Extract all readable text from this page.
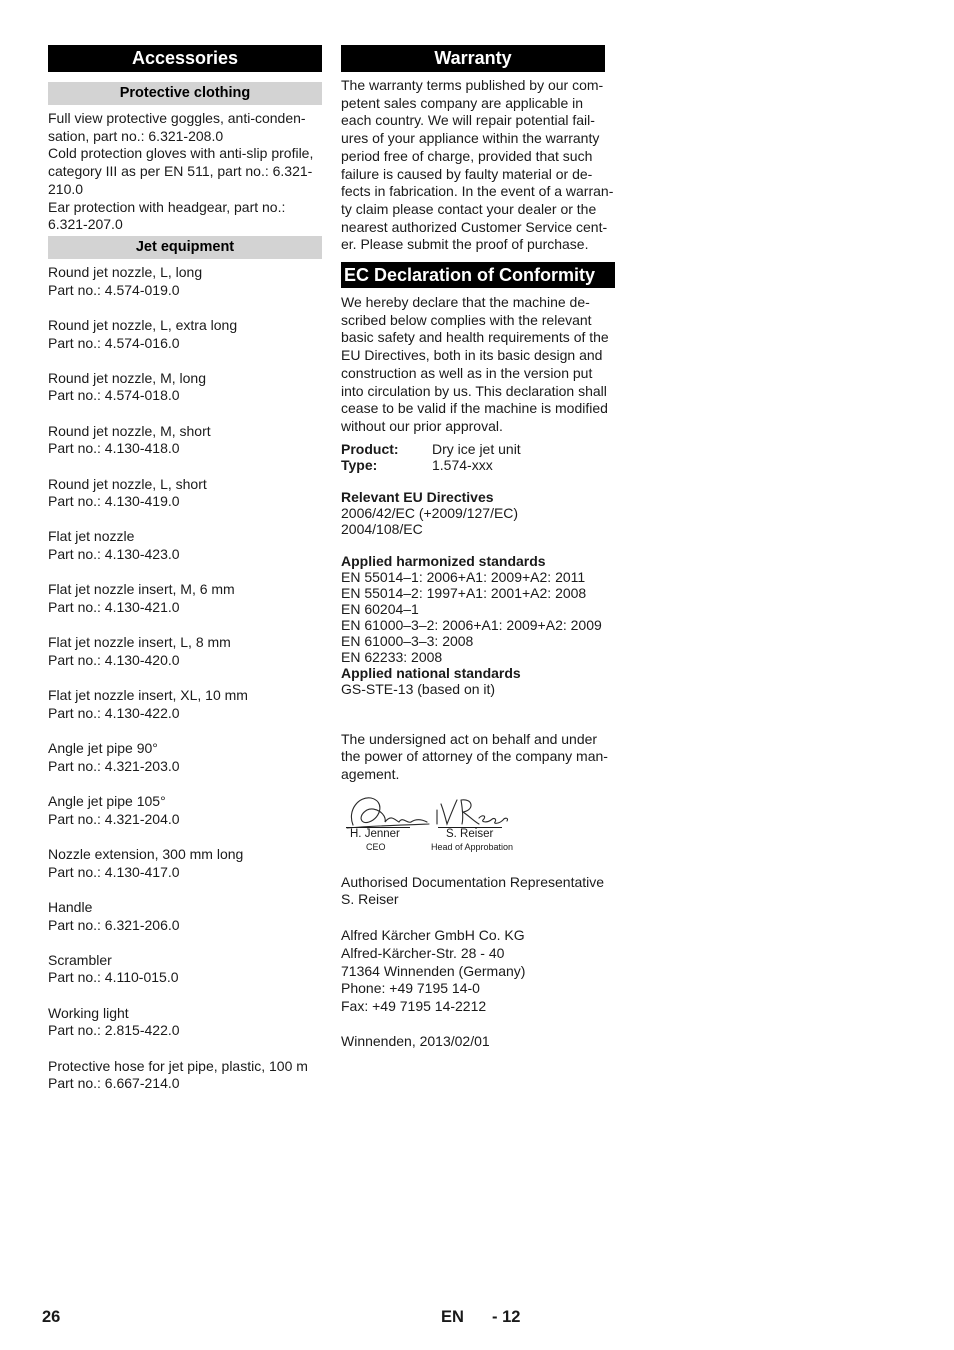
Accessories
Protective clothing
Full view protective goggles, anti-conden-
sation, part no.: 6.321-208.0
Cold protection gloves with anti-slip profile,
category III as per EN 511, part no.: 6.321-
210.0
Ear protection with headgear, part no.:
6.321-207.0
Jet equipment
Round jet nozzle, L, long
Part no.: 4.574-019.0
Round jet nozzle, L, extra long
Part no.: 4.574-016.0
Round jet nozzle, M, long
Part no.: 4.574-018.0
Round jet nozzle, M, short
Part no.: 4.130-418.0
Round jet nozzle, L, short
Part no.: 4.130-419.0
Flat jet nozzle
Part no.: 4.130-423.0
Flat jet nozzle insert, M, 6 mm
Part no.: 4.130-421.0
Flat jet nozzle insert, L, 8 mm
Part no.: 4.130-420.0
Flat jet nozzle insert, XL, 10 mm
Part no.: 4.130-422.0
Angle jet pipe 90°
Part no.: 4.321-203.0
Angle jet pipe 105°
Part no.: 4.321-204.0
Nozzle extension, 300 mm long
Part no.: 4.130-417.0
Handle
Part no.: 6.321-206.0
Scrambler
Part no.: 4.110-015.0
Working light
Part no.: 2.815-422.0
Protective hose for jet pipe, plastic, 100 m
Part no.: 6.667-214.0
Warranty
The warranty terms published by our com-
petent sales company are applicable in
each country. We will repair potential fail-
ures of your appliance within the warranty
period free of charge, provided that such
failure is caused by faulty material or de-
fects in fabrication. In the event of a warran-
ty claim please contact your dealer or the
nearest authorized Customer Service cent-
er. Please submit the proof of purchase.
EC Declaration of Conformity
We hereby declare that the machine de-
scribed below complies with the relevant
basic safety and health requirements of the
EU Directives, both in its basic design and
construction as well as in the version put
into circulation by us. This declaration shall
cease to be valid if the machine is modified
without our prior approval.
Product:	Dry ice jet unit
Type:	1.574-xxx
Relevant EU Directives
2006/42/EC (+2009/127/EC)
2004/108/EC
Applied harmonized standards
EN 55014–1: 2006+A1: 2009+A2: 2011
EN 55014–2: 1997+A1: 2001+A2: 2008
EN 60204–1
EN 61000–3–2: 2006+A1: 2009+A2: 2009
EN 61000–3–3: 2008
EN 62233: 2008
Applied national standards
GS-STE-13 (based on it)
The undersigned act on behalf and under
the power of attorney of the company man-
agement.
H. Jenner
CEO
S. Reiser
Head of Approbation
Authorised Documentation Representative
S. Reiser
Alfred Kärcher GmbH Co. KG
Alfred-Kärcher-Str. 28 - 40
71364 Winnenden (Germany)
Phone: +49 7195 14-0
Fax: +49 7195 14-2212
Winnenden, 2013/02/01
26	EN - 12
